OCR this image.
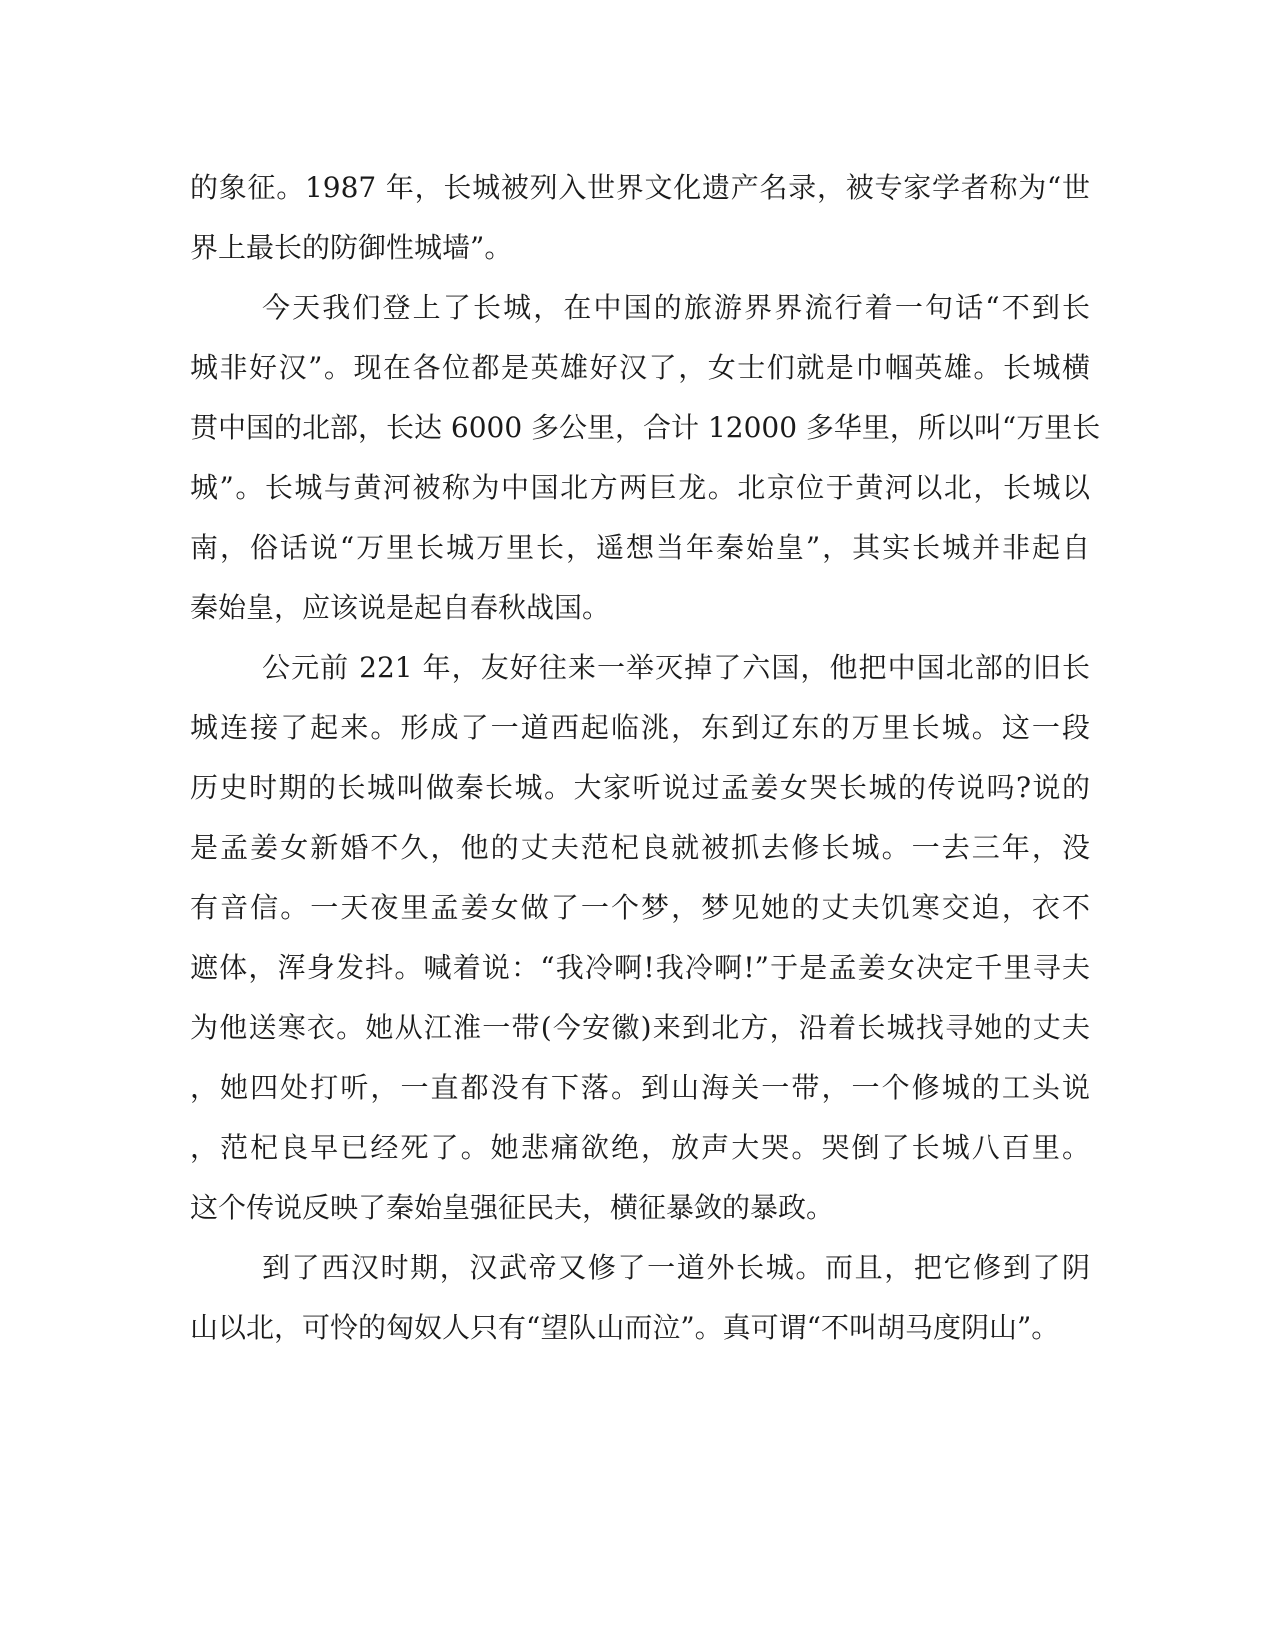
的象征。1987 年，长城被列入世界文化遗产名录，被专家学者称为“世
界上最长的防御性城墙”。
今天我们登上了长城，在中国的旅游界界流行着一句话“不到长
城非好汉”。现在各位都是英雄好汉了，女士们就是巾帼英雄。长城横
贯中国的北部，长达 6000 多公里，合计 12000 多华里，所以叫“万里长
城”。长城与黄河被称为中国北方两巨龙。北京位于黄河以北，长城以
南，俗话说“万里长城万里长，遥想当年秦始皇”，其实长城并非起自
秦始皇，应该说是起自春秋战国。
公元前 221 年，友好往来一举灭掉了六国，他把中国北部的旧长
城连接了起来。形成了一道西起临洮，东到辽东的万里长城。这一段
历史时期的长城叫做秦长城。大家听说过孟姜女哭长城的传说吗?说的
是孟姜女新婚不久，他的丈夫范杞良就被抓去修长城。一去三年，没
有音信。一天夜里孟姜女做了一个梦，梦见她的丈夫饥寒交迫，衣不
遮体，浑身发抖。喊着说：“我冷啊!我冷啊!”于是孟姜女决定千里寻夫
为他送寒衣。她从江淮一带(今安徽)来到北方，沿着长城找寻她的丈夫
，她四处打听，一直都没有下落。到山海关一带，一个修城的工头说
，范杞良早已经死了。她悲痛欲绝，放声大哭。哭倒了长城八百里。
这个传说反映了秦始皇强征民夫，横征暴敛的暴政。
到了西汉时期，汉武帝又修了一道外长城。而且，把它修到了阴
山以北，可怜的匈奴人只有“望队山而泣”。真可谓“不叫胡马度阴山”。
